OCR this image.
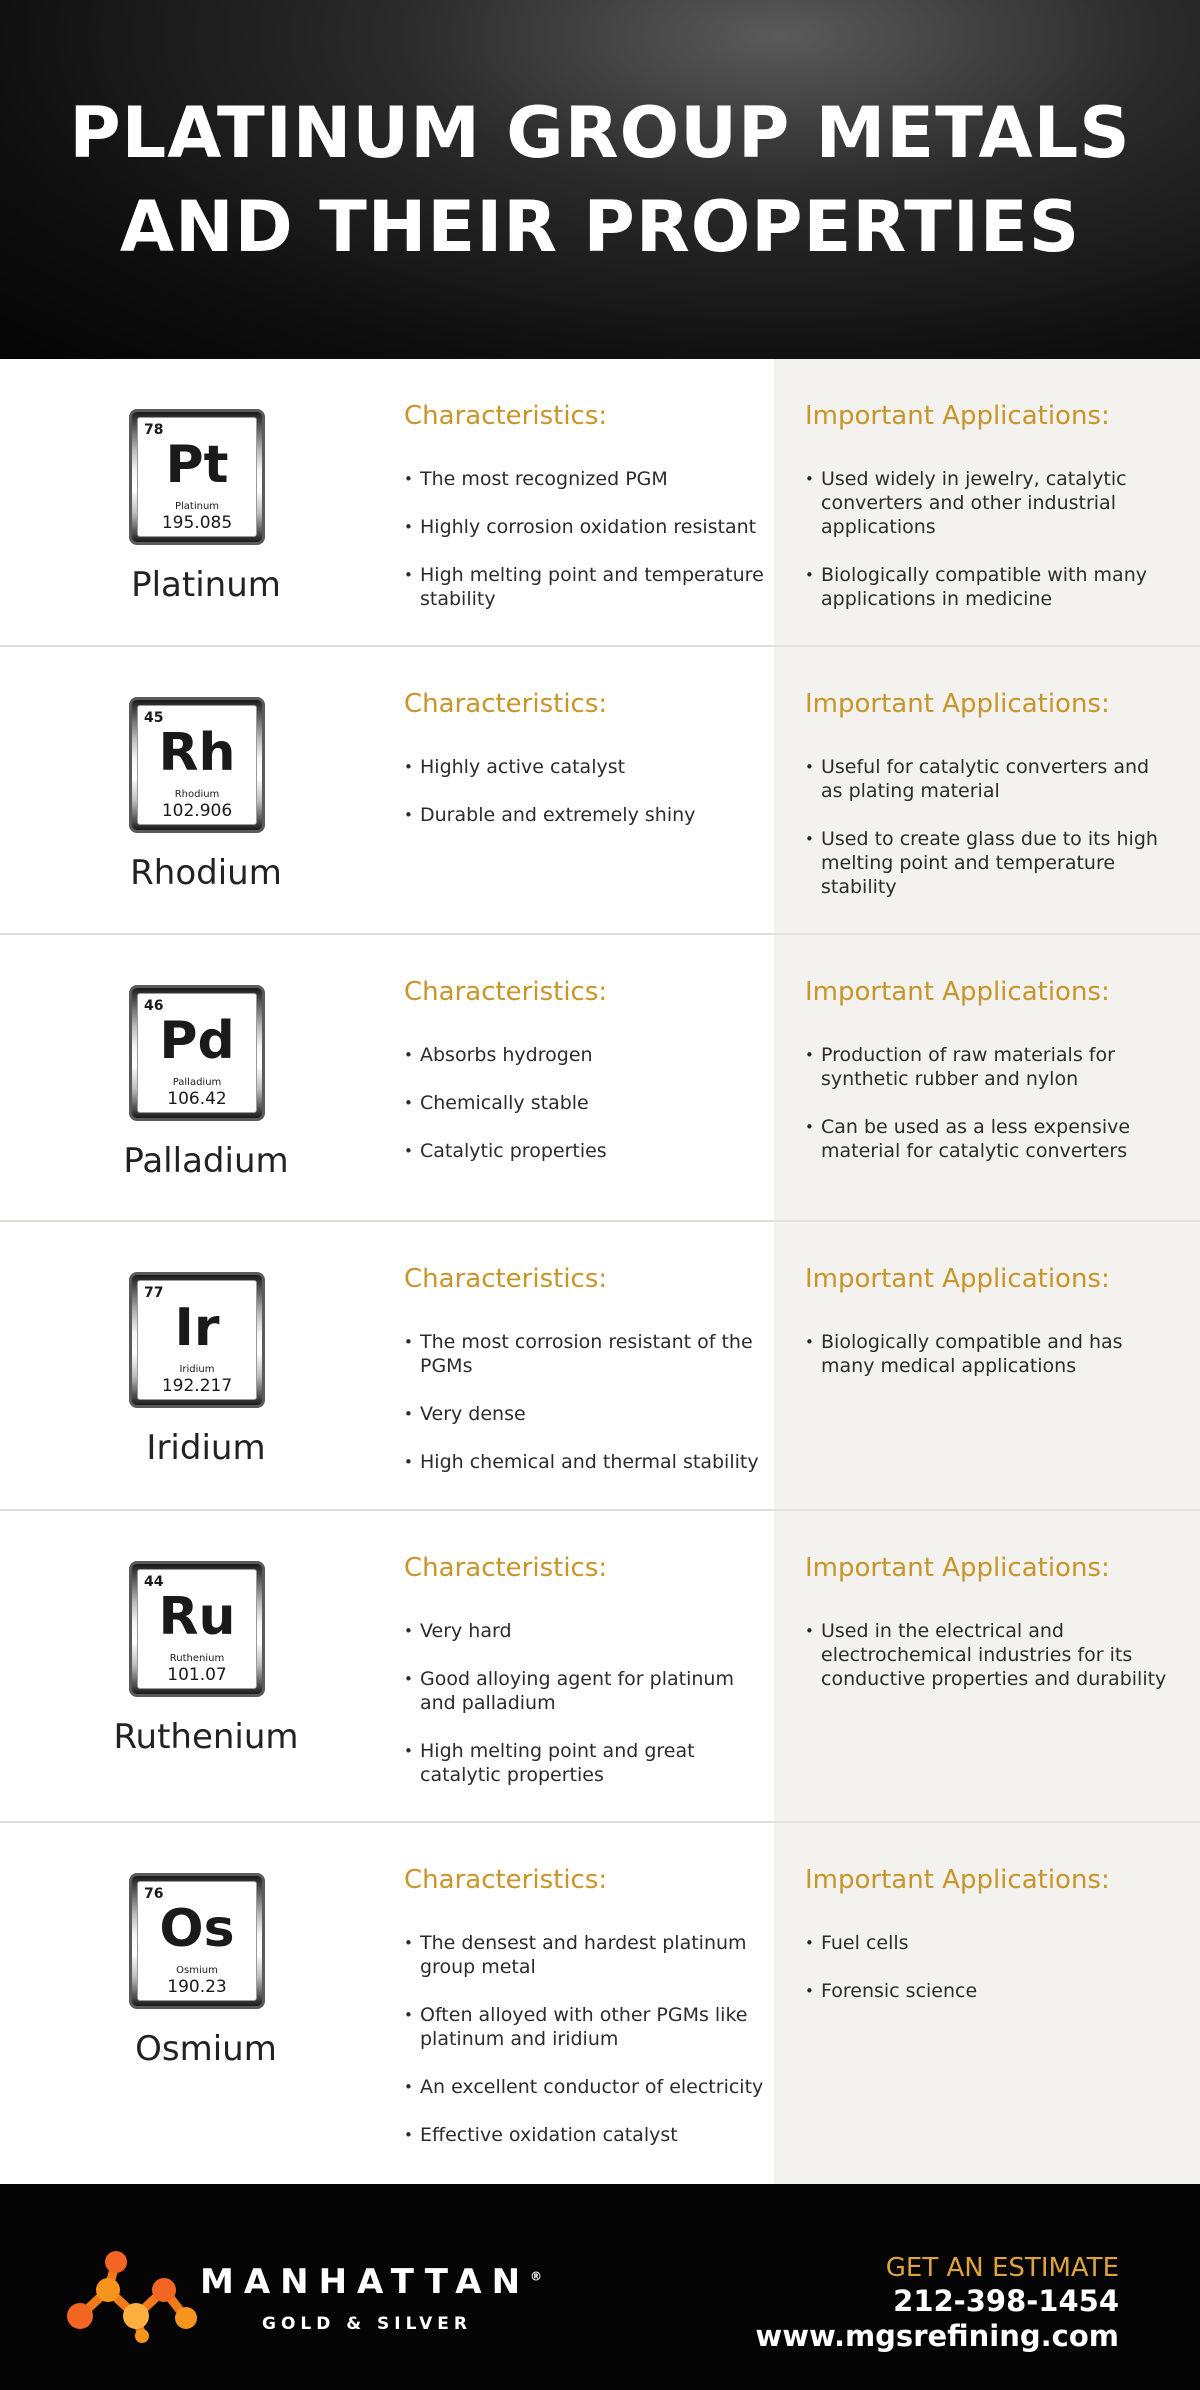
PLATINUM GROUP METALS
AND THEIR PROPERTIES
78
Pt
Platinum
195.085
Platinum
Characteristics:
• The most recognized PGM
• Highly corrosion oxidation resistant
• High melting point and temperature stability
Important Applications:
• Used widely in jewelry, catalytic converters and other industrial applications
• Biologically compatible with many applications in medicine
45
Rh
Rhodium
102.906
Rhodium
Characteristics:
• Highly active catalyst
• Durable and extremely shiny
Important Applications:
• Useful for catalytic converters and as plating material
• Used to create glass due to its high melting point and temperature stability
46
Pd
Palladium
106.42
Palladium
Characteristics:
• Absorbs hydrogen
• Chemically stable
• Catalytic properties
Important Applications:
• Production of raw materials for synthetic rubber and nylon
• Can be used as a less expensive material for catalytic converters
77
Ir
Iridium
192.217
Iridium
Characteristics:
• The most corrosion resistant of the PGMs
• Very dense
• High chemical and thermal stability
Important Applications:
• Biologically compatible and has many medical applications
44
Ru
Ruthenium
101.07
Ruthenium
Characteristics:
• Very hard
• Good alloying agent for platinum and palladium
• High melting point and great catalytic properties
Important Applications:
• Used in the electrical and electrochemical industries for its conductive properties and durability
76
Os
Osmium
190.23
Osmium
Characteristics:
• The densest and hardest platinum group metal
• Often alloyed with other PGMs like platinum and iridium
• An excellent conductor of electricity
• Effective oxidation catalyst
Important Applications:
• Fuel cells
• Forensic science
MANHATTAN®
GOLD & SILVER
GET AN ESTIMATE
212-398-1454
www.mgsrefining.com
